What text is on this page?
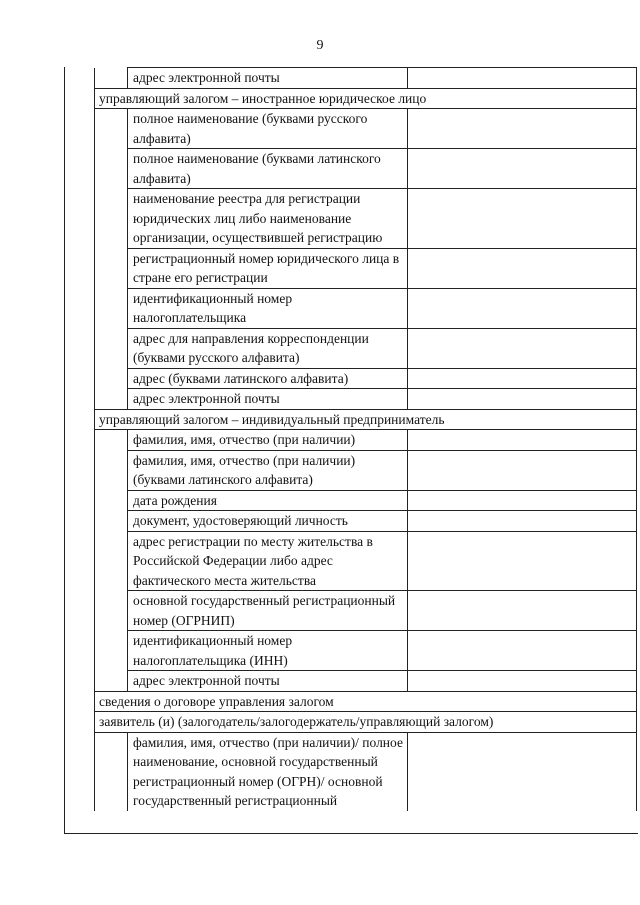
9
	адрес электронной почты	
управляющий залогом – иностранное юридическое лицо		
	полное наименование (буквами русского алфавита)	
	полное наименование (буквами латинского алфавита)	
	наименование реестра для регистрации юридических лиц либо наименование организации, осуществившей регистрацию	
	регистрационный номер юридического лица в стране его регистрации	
	идентификационный номер налогоплательщика	
	адрес для направления корреспонденции (буквами русского алфавита)	
	адрес (буквами латинского алфавита)	
	адрес электронной почты	
управляющий залогом – индивидуальный предприниматель		
	фамилия, имя, отчество (при наличии)	
	фамилия, имя, отчество (при наличии) (буквами латинского алфавита)	
	дата рождения	
	документ, удостоверяющий личность	
	адрес регистрации по месту жительства в Российской Федерации либо адрес фактического места жительства	
	основной государственный регистрационный номер (ОГРНИП)	
	идентификационный номер налогоплательщика (ИНН)	
	адрес электронной почты	
сведения о договоре управления залогом		
заявитель (и) (залогодатель/залогодержатель/управляющий залогом)		
	фамилия, имя, отчество (при наличии)/ полное наименование, основной государственный регистрационный номер (ОГРН)/ основной государственный регистрационный	
